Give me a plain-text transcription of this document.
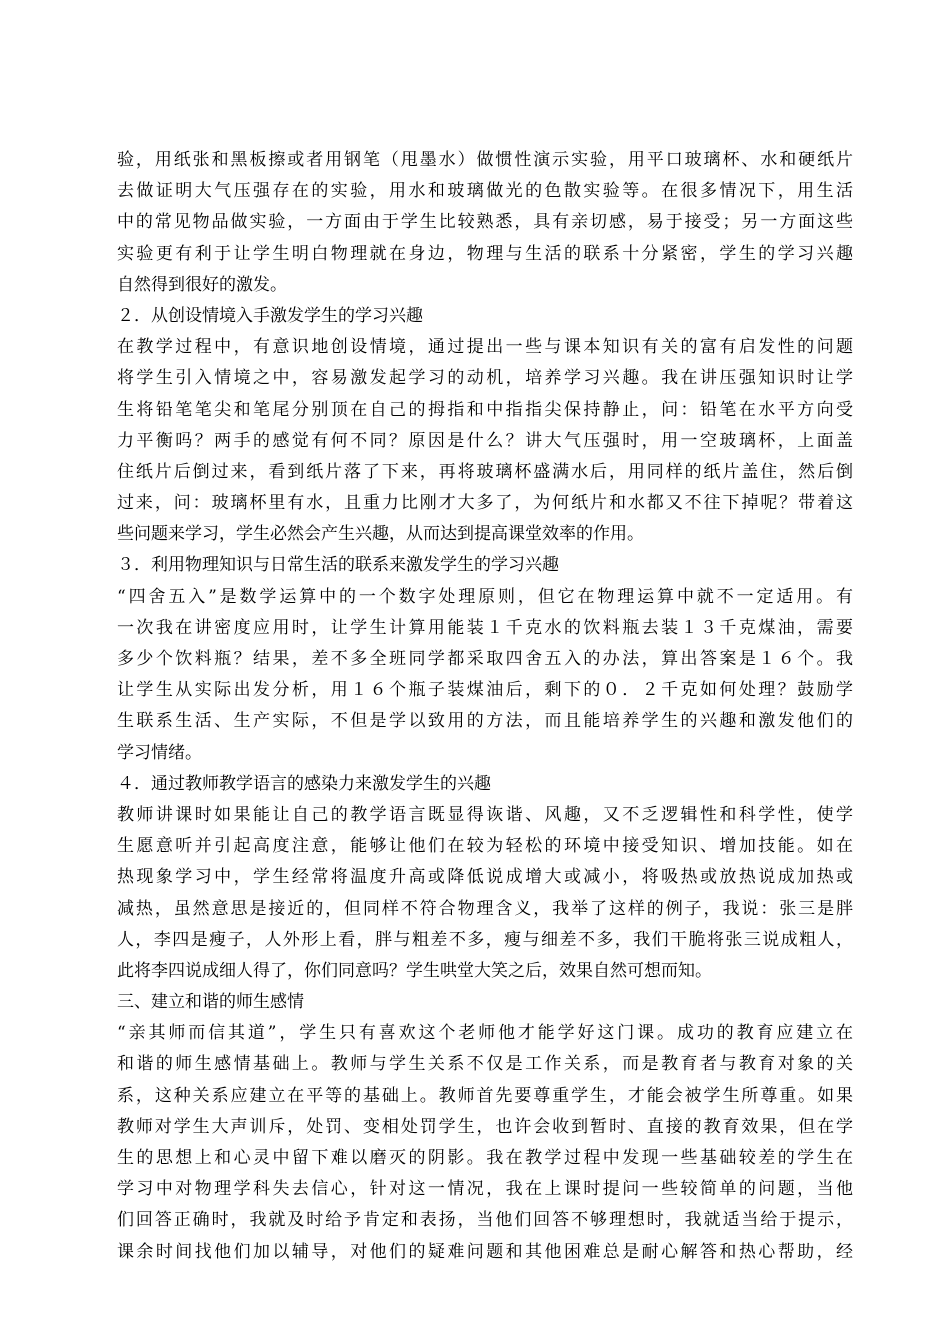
验，用纸张和黑板擦或者用钢笔（甩墨水）做惯性演示实验，用平口玻璃杯、水和硬纸片
去做证明大气压强存在的实验，用水和玻璃做光的色散实验等。在很多情况下，用生活
中的常见物品做实验，一方面由于学生比较熟悉，具有亲切感，易于接受；另一方面这些
实验更有利于让学生明白物理就在身边，物理与生活的联系十分紧密，学生的学习兴趣
自然得到很好的激发。
２．从创设情境入手激发学生的学习兴趣
在教学过程中，有意识地创设情境，通过提出一些与课本知识有关的富有启发性的问题
将学生引入情境之中，容易激发起学习的动机，培养学习兴趣。我在讲压强知识时让学
生将铅笔笔尖和笔尾分别顶在自己的拇指和中指指尖保持静止，问：铅笔在水平方向受
力平衡吗？两手的感觉有何不同？原因是什么？讲大气压强时，用一空玻璃杯，上面盖
住纸片后倒过来，看到纸片落了下来，再将玻璃杯盛满水后，用同样的纸片盖住，然后倒
过来，问：玻璃杯里有水，且重力比刚才大多了，为何纸片和水都又不往下掉呢？带着这
些问题来学习，学生必然会产生兴趣，从而达到提高课堂效率的作用。
３．利用物理知识与日常生活的联系来激发学生的学习兴趣
“四舍五入”是数学运算中的一个数字处理原则，但它在物理运算中就不一定适用。有
一次我在讲密度应用时，让学生计算用能装１千克水的饮料瓶去装１３千克煤油，需要
多少个饮料瓶？结果，差不多全班同学都采取四舍五入的办法，算出答案是１６个。我
让学生从实际出发分析，用１６个瓶子装煤油后，剩下的０．２千克如何处理？鼓励学
生联系生活、生产实际，不但是学以致用的方法，而且能培养学生的兴趣和激发他们的
学习情绪。
４．通过教师教学语言的感染力来激发学生的兴趣
教师讲课时如果能让自己的教学语言既显得诙谐、风趣，又不乏逻辑性和科学性，使学
生愿意听并引起高度注意，能够让他们在较为轻松的环境中接受知识、增加技能。如在
热现象学习中，学生经常将温度升高或降低说成增大或减小，将吸热或放热说成加热或
减热，虽然意思是接近的，但同样不符合物理含义，我举了这样的例子，我说：张三是胖
人，李四是瘦子，人外形上看，胖与粗差不多，瘦与细差不多，我们干脆将张三说成粗人，
此将李四说成细人得了，你们同意吗？学生哄堂大笑之后，效果自然可想而知。
三、建立和谐的师生感情
“亲其师而信其道”，学生只有喜欢这个老师他才能学好这门课。成功的教育应建立在
和谐的师生感情基础上。教师与学生关系不仅是工作关系，而是教育者与教育对象的关
系，这种关系应建立在平等的基础上。教师首先要尊重学生，才能会被学生所尊重。如果
教师对学生大声训斥，处罚、变相处罚学生，也许会收到暂时、直接的教育效果，但在学
生的思想上和心灵中留下难以磨灭的阴影。我在教学过程中发现一些基础较差的学生在
学习中对物理学科失去信心，针对这一情况，我在上课时提问一些较简单的问题，当他
们回答正确时，我就及时给予肯定和表扬，当他们回答不够理想时，我就适当给于提示，
课余时间找他们加以辅导，对他们的疑难问题和其他困难总是耐心解答和热心帮助，经
